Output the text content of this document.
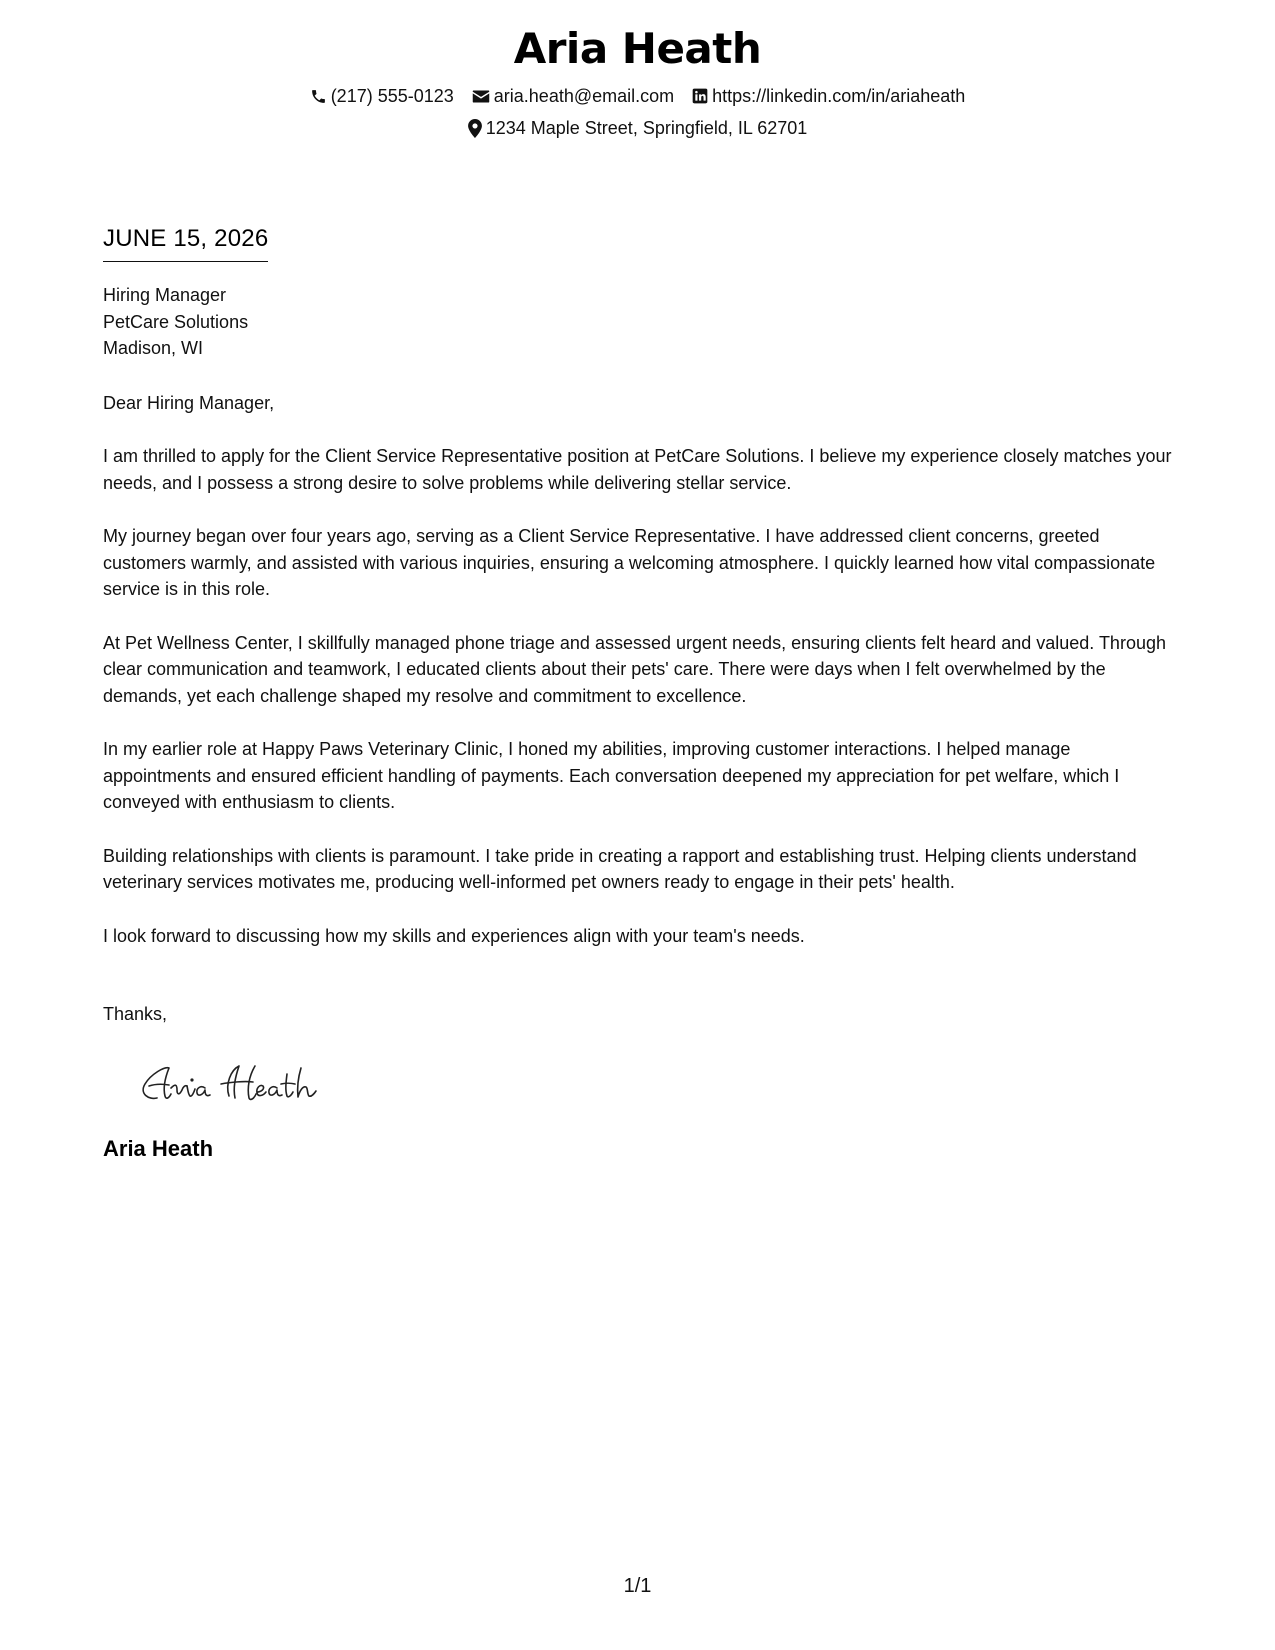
Aria Heath
(217) 555-0123 aria.heath@email.com https://linkedin.com/in/ariaheath
1234 Maple Street, Springfield, IL 62701
JUNE 15, 2026
Hiring Manager
PetCare Solutions
Madison, WI
Dear Hiring Manager,
I am thrilled to apply for the Client Service Representative position at PetCare Solutions. I believe my experience closely matches your needs, and I possess a strong desire to solve problems while delivering stellar service.
My journey began over four years ago, serving as a Client Service Representative. I have addressed client concerns, greeted customers warmly, and assisted with various inquiries, ensuring a welcoming atmosphere. I quickly learned how vital compassionate service is in this role.
At Pet Wellness Center, I skillfully managed phone triage and assessed urgent needs, ensuring clients felt heard and valued. Through clear communication and teamwork, I educated clients about their pets' care. There were days when I felt overwhelmed by the demands, yet each challenge shaped my resolve and commitment to excellence.
In my earlier role at Happy Paws Veterinary Clinic, I honed my abilities, improving customer interactions. I helped manage appointments and ensured efficient handling of payments. Each conversation deepened my appreciation for pet welfare, which I conveyed with enthusiasm to clients.
Building relationships with clients is paramount. I take pride in creating a rapport and establishing trust. Helping clients understand veterinary services motivates me, producing well-informed pet owners ready to engage in their pets' health.
I look forward to discussing how my skills and experiences align with your team's needs.
Thanks,
Aria Heath
1/1
